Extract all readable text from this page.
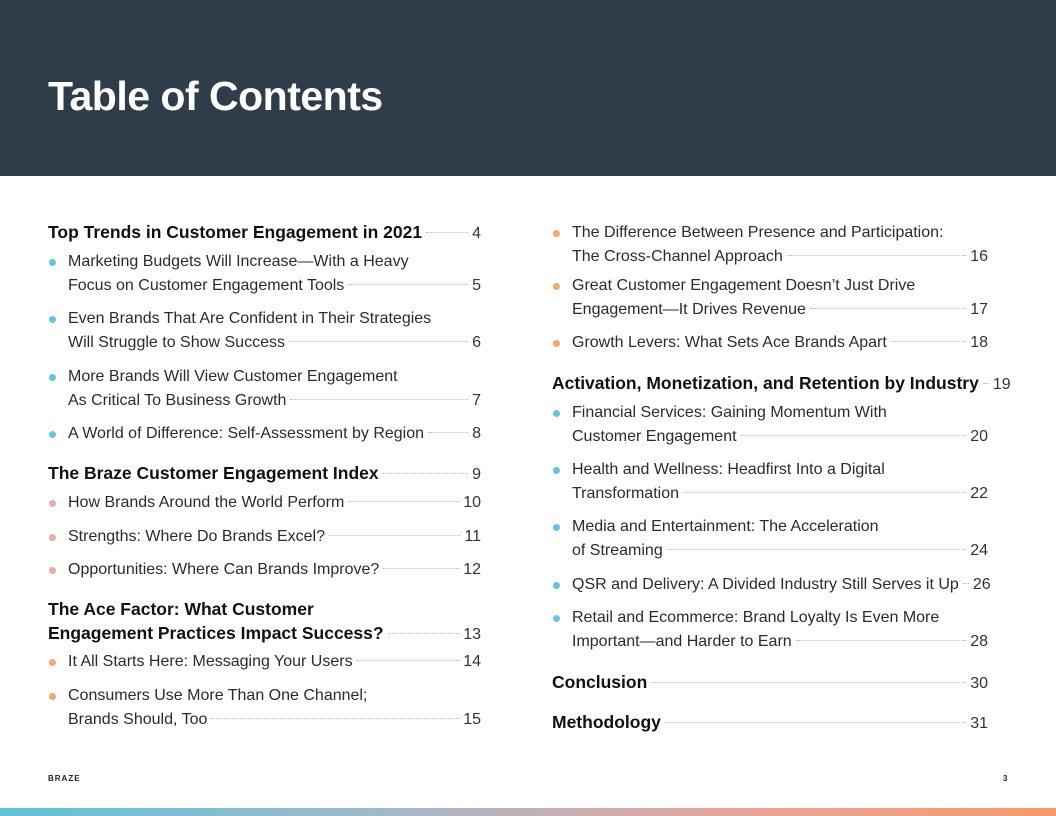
Table of Contents
Top Trends in Customer Engagement in 2021	4
Marketing Budgets Will Increase—With a Heavy
Focus on Customer Engagement Tools	5
Even Brands That Are Confident in Their Strategies
Will Struggle to Show Success	6
More Brands Will View Customer Engagement
As Critical To Business Growth	7
A World of Difference: Self-Assessment by Region	8
The Braze Customer Engagement Index	9
How Brands Around the World Perform	10
Strengths: Where Do Brands Excel?	11
Opportunities: Where Can Brands Improve?	12
The Ace Factor: What Customer
Engagement Practices Impact Success?	13
It All Starts Here: Messaging Your Users	14
Consumers Use More Than One Channel;
Brands Should, Too	15
The Difference Between Presence and Participation:
The Cross-Channel Approach	16
Great Customer Engagement Doesn’t Just Drive
Engagement—It Drives Revenue	17
Growth Levers: What Sets Ace Brands Apart	18
Activation, Monetization, and Retention by Industry 19
Financial Services: Gaining Momentum With
Customer Engagement	20
Health and Wellness: Headfirst Into a Digital
Transformation	22
Media and Entertainment: The Acceleration
of Streaming	24
QSR and Delivery: A Divided Industry Still Serves it Up 26
Retail and Ecommerce: Brand Loyalty Is Even More
Important—and Harder to Earn	28
Conclusion	30
Methodology	31
BRAZE	3
